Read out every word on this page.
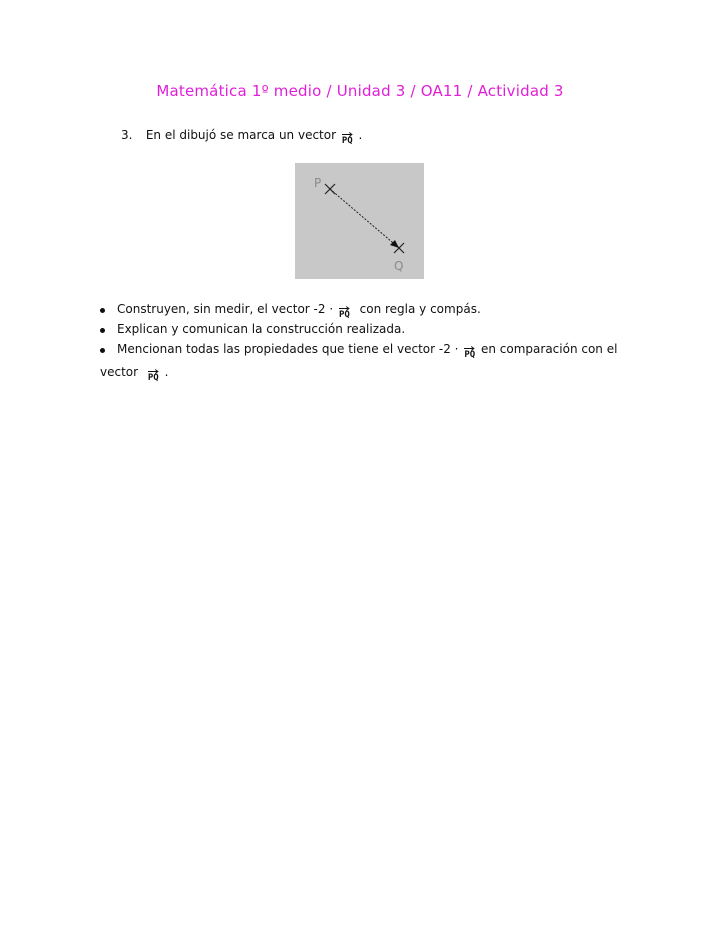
Matemática 1º medio / Unidad 3 / OA11 / Actividad 3
3. En el dibujó se marca un vector PQ .
P
Q
Construyen, sin medir, el vector -2 · PQ con regla y compás.
Explican y comunican la construcción realizada.
Mencionan todas las propiedades que tiene el vector -2 · PQ en comparación con el
vector PQ .
